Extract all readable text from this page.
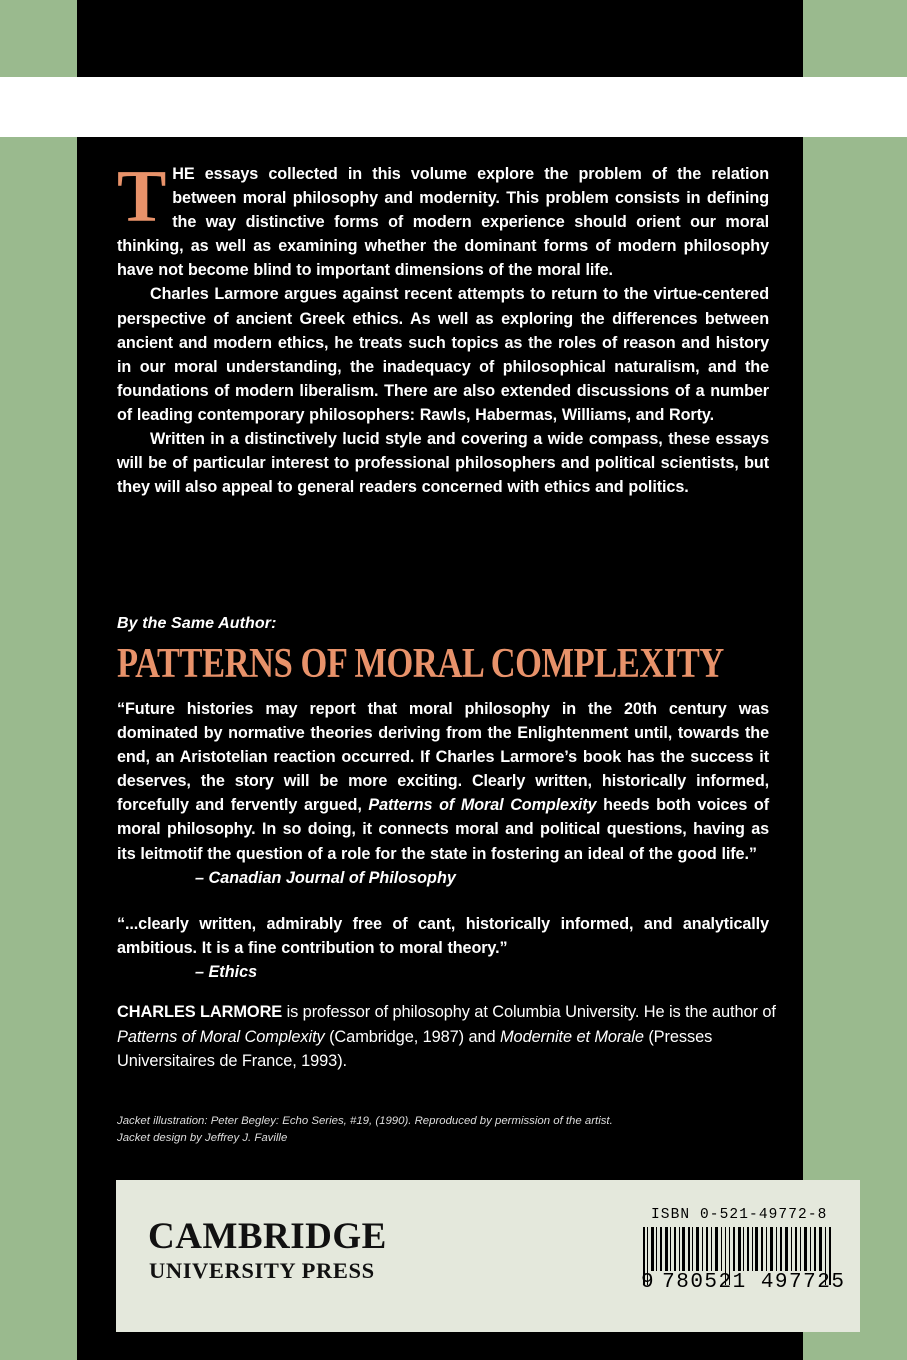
THE essays collected in this volume explore the problem of the relation between moral philosophy and modernity. This problem consists in defining the way distinctive forms of modern experience should orient our moral thinking, as well as examining whether the dominant forms of modern philosophy have not become blind to important dimensions of the moral life.

Charles Larmore argues against recent attempts to return to the virtue-centered perspective of ancient Greek ethics. As well as exploring the differences between ancient and modern ethics, he treats such topics as the roles of reason and history in our moral understanding, the inadequacy of philosophical naturalism, and the foundations of modern liberalism. There are also extended discussions of a number of leading contemporary philosophers: Rawls, Habermas, Williams, and Rorty.

Written in a distinctively lucid style and covering a wide compass, these essays will be of particular interest to professional philosophers and political scientists, but they will also appeal to general readers concerned with ethics and politics.

By the Same Author:

PATTERNS OF MORAL COMPLEXITY

“Future histories may report that moral philosophy in the 20th century was dominated by normative theories deriving from the Enlightenment until, towards the end, an Aristotelian reaction occurred. If Charles Larmore’s book has the success it deserves, the story will be more exciting. Clearly written, historically informed, forcefully and fervently argued, Patterns of Moral Complexity heeds both voices of moral philosophy. In so doing, it connects moral and political questions, having as its leitmotif the question of a role for the state in fostering an ideal of the good life.”

– Canadian Journal of Philosophy

“...clearly written, admirably free of cant, historically informed, and analytically ambitious. It is a fine contribution to moral theory.”

– Ethics

CHARLES LARMORE is professor of philosophy at Columbia University. He is the author of Patterns of Moral Complexity (Cambridge, 1987) and Modernite et Morale (Presses Universitaires de France, 1993).

Jacket illustration: Peter Begley: Echo Series, #19, (1990). Reproduced by permission of the artist.

Jacket design by Jeffrey J. Faville

CAMBRIDGE

UNIVERSITY PRESS

ISBN 0-521-49772-8

9 780521 497725
